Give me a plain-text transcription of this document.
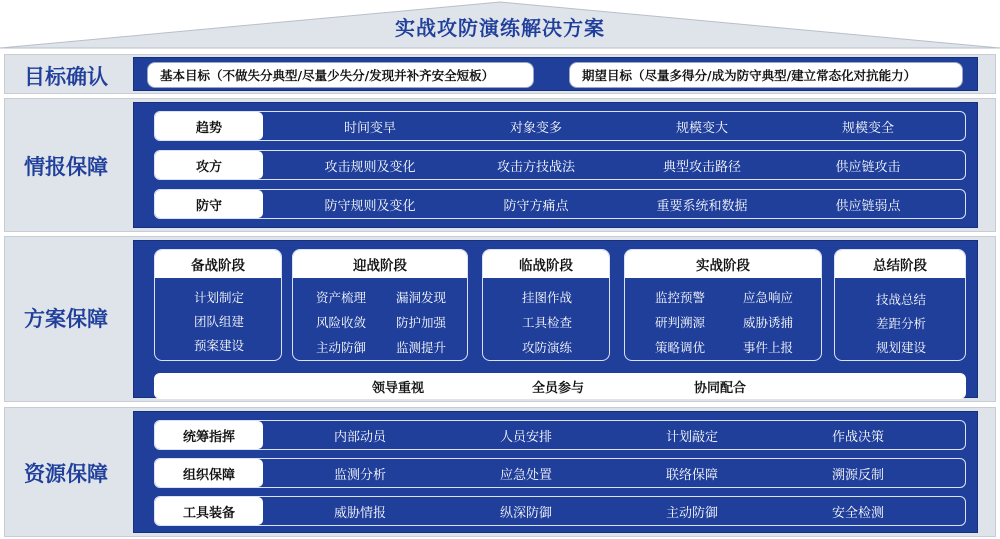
实战攻防演练解决方案
目标确认	基本目标（不做失分典型/尽量少失分/发现并补齐安全短板）	期望目标（尽量多得分/成为防守典型/建立常态化对抗能力）
情报保障
趋势	时间变早	对象变多	规模变大	规模变全
攻方	攻击规则及变化	攻击方技战法	典型攻击路径	供应链攻击
防守	防守规则及变化	防守方痛点	重要系统和数据	供应链弱点
方案保障
备战阶段
计划制定
团队组建
预案建设
迎战阶段
资产梳理	漏洞发现
风险收敛	防护加强
主动防御	监测提升
临战阶段
挂图作战
工具检查
攻防演练
实战阶段
监控预警	应急响应
研判溯源	威胁诱捕
策略调优	事件上报
总结阶段
技战总结
差距分析
规划建设
领导重视	全员参与	协同配合
资源保障
统筹指挥	内部动员	人员安排	计划敲定	作战决策
组织保障	监测分析	应急处置	联络保障	溯源反制
工具装备	威胁情报	纵深防御	主动防御	安全检测
